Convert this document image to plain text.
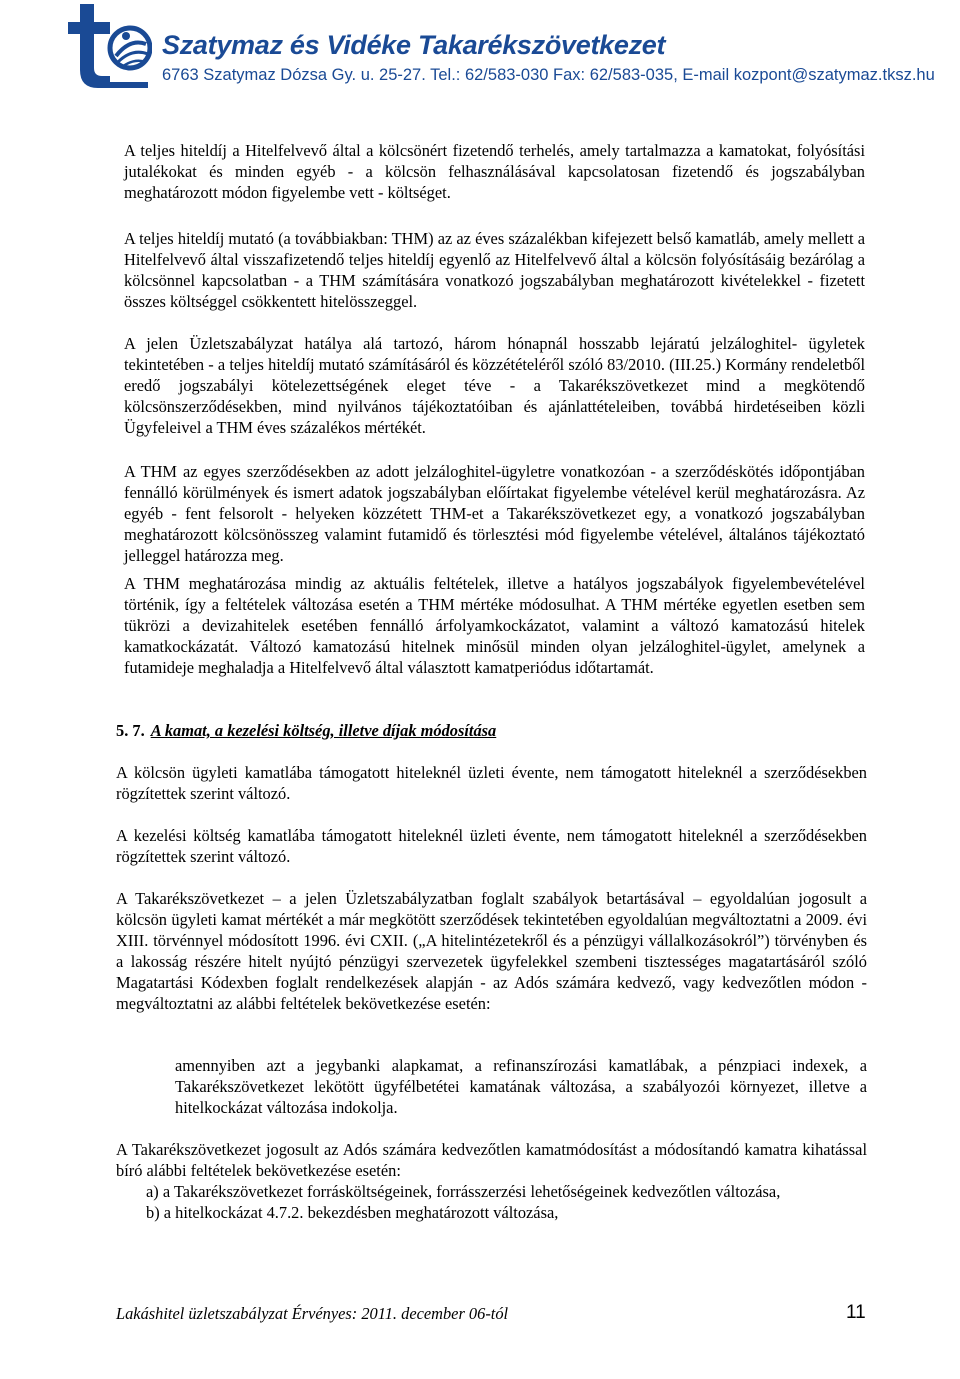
Szatymaz és Vidéke Takarékszövetkezet
6763 Szatymaz Dózsa Gy. u. 25-27. Tel.: 62/583-030 Fax: 62/583-035, E-mail kozpont@szatymaz.tksz.hu

A teljes hiteldíj a Hitelfelvevő által a kölcsönért fizetendő terhelés, amely tartalmazza a kamatokat, folyósítási jutalékokat és minden egyéb - a kölcsön felhasználásával kapcsolatosan fizetendő és jogszabályban meghatározott módon figyelembe vett - költséget.

A teljes hiteldíj mutató (a továbbiakban: THM) az az éves százalékban kifejezett belső kamatláb, amely mellett a Hitelfelvevő által visszafizetendő teljes hiteldíj egyenlő az Hitelfelvevő által a kölcsön folyósításáig bezárólag a kölcsönnel kapcsolatban - a THM számítására vonatkozó jogszabályban meghatározott kivételekkel - fizetett összes költséggel csökkentett hitelösszeggel.

A jelen Üzletszabályzat hatálya alá tartozó, három hónapnál hosszabb lejáratú jelzáloghitel- ügyletek tekintetében - a teljes hiteldíj mutató számításáról és közzétételéről szóló 83/2010. (III.25.) Kormány rendeletből eredő jogszabályi kötelezettségének eleget téve - a Takarékszövetkezet mind a megkötendő kölcsönszerződésekben, mind nyilvános tájékoztatóiban és ajánlattételeiben, továbbá hirdetéseiben közli Ügyfeleivel a THM éves százalékos mértékét.

A THM az egyes szerződésekben az adott jelzáloghitel-ügyletre vonatkozóan - a szerződéskötés időpontjában fennálló körülmények és ismert adatok jogszabályban előírtakat figyelembe vételével kerül meghatározásra. Az egyéb - fent felsorolt - helyeken közzétett THM-et a Takarékszövetkezet egy, a vonatkozó jogszabályban meghatározott kölcsönösszeg valamint futamidő és törlesztési mód figyelembe vételével, általános tájékoztató jelleggel határozza meg.

A THM meghatározása mindig az aktuális feltételek, illetve a hatályos jogszabályok figyelembevételével történik, így a feltételek változása esetén a THM mértéke módosulhat. A THM mértéke egyetlen esetben sem tükrözi a devizahitelek esetében fennálló árfolyamkockázatot, valamint a változó kamatozású hitelek kamatkockázatát. Változó kamatozású hitelnek minősül minden olyan jelzáloghitel-ügylet, amelynek a futamideje meghaladja a Hitelfelvevő által választott kamatperiódus időtartamát.

5. 7. A kamat, a kezelési költség, illetve díjak módosítása

A kölcsön ügyleti kamatlába támogatott hiteleknél üzleti évente, nem támogatott hiteleknél a szerződésekben rögzítettek szerint változó.

A kezelési költség kamatlába támogatott hiteleknél üzleti évente, nem támogatott hiteleknél a szerződésekben rögzítettek szerint változó.

A Takarékszövetkezet – a jelen Üzletszabályzatban foglalt szabályok betartásával – egyoldalúan jogosult a kölcsön ügyleti kamat mértékét a már megkötött szerződések tekintetében egyoldalúan megváltoztatni a 2009. évi XIII. törvénnyel módosított 1996. évi CXII. („A hitelintézetekről és a pénzügyi vállalkozásokról”) törvényben és a lakosság részére hitelt nyújtó pénzügyi szervezetek ügyfelekkel szembeni tisztességes magatartásáról szóló Magatartási Kódexben foglalt rendelkezések alapján - az Adós számára kedvező, vagy kedvezőtlen módon - megváltoztatni az alábbi feltételek bekövetkezése esetén:

amennyiben azt a jegybanki alapkamat, a refinanszírozási kamatlábak, a pénzpiaci indexek, a Takarékszövetkezet lekötött ügyfélbetétei kamatának változása, a szabályozói környezet, illetve a hitelkockázat változása indokolja.

A Takarékszövetkezet jogosult az Adós számára kedvezőtlen kamatmódosítást a módosítandó kamatra kihatással bíró alábbi feltételek bekövetkezése esetén:

a) a Takarékszövetkezet forrásköltségeinek, forrásszerzési lehetőségeinek kedvezőtlen változása,
b) a hitelkockázat 4.7.2. bekezdésben meghatározott változása,
Lakáshitel üzletszabályzat Érvényes: 2011. december 06-tól	11
